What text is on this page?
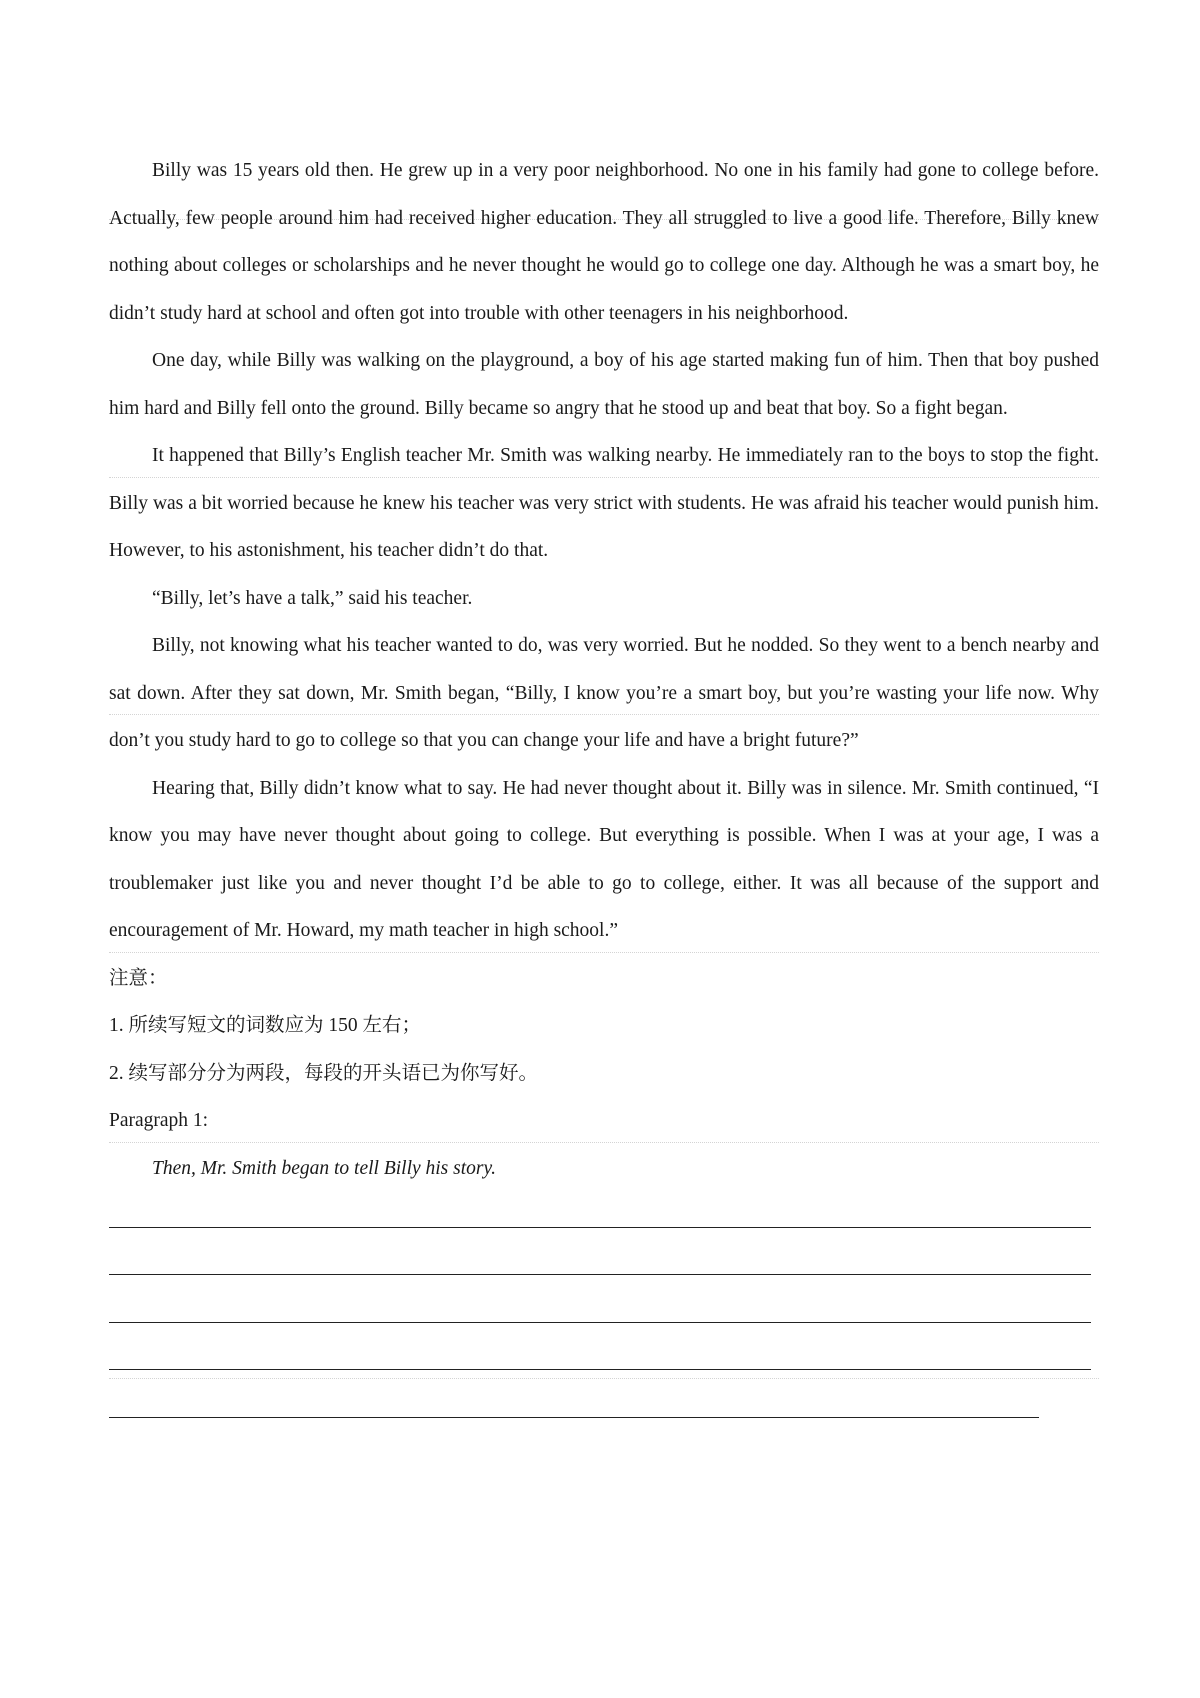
Billy was 15 years old then. He grew up in a very poor neighborhood. No one in his family had gone to college before. Actually, few people around him had received higher education. They all struggled to live a good life. Therefore, Billy knew nothing about colleges or scholarships and he never thought he would go to college one day. Although he was a smart boy, he didn’t study hard at school and often got into trouble with other teenagers in his neighborhood.

One day, while Billy was walking on the playground, a boy of his age started making fun of him. Then that boy pushed him hard and Billy fell onto the ground. Billy became so angry that he stood up and beat that boy. So a fight began.

It happened that Billy’s English teacher Mr. Smith was walking nearby. He immediately ran to the boys to stop the fight. Billy was a bit worried because he knew his teacher was very strict with students. He was afraid his teacher would punish him. However, to his astonishment, his teacher didn’t do that.

“Billy, let’s have a talk,” said his teacher.

Billy, not knowing what his teacher wanted to do, was very worried. But he nodded. So they went to a bench nearby and sat down. After they sat down, Mr. Smith began, “Billy, I know you’re a smart boy, but you’re wasting your life now. Why don’t you study hard to go to college so that you can change your life and have a bright future?”

Hearing that, Billy didn’t know what to say. He had never thought about it. Billy was in silence. Mr. Smith continued, “I know you may have never thought about going to college. But everything is possible. When I was at your age, I was a troublemaker just like you and never thought I’d be able to go to college, either. It was all because of the support and encouragement of Mr. Howard, my math teacher in high school.”

注意：

1. 所续写短文的词数应为 150 左右；

2. 续写部分分为两段，每段的开头语已为你写好。

Paragraph 1:

Then, Mr. Smith began to tell Billy his story.
